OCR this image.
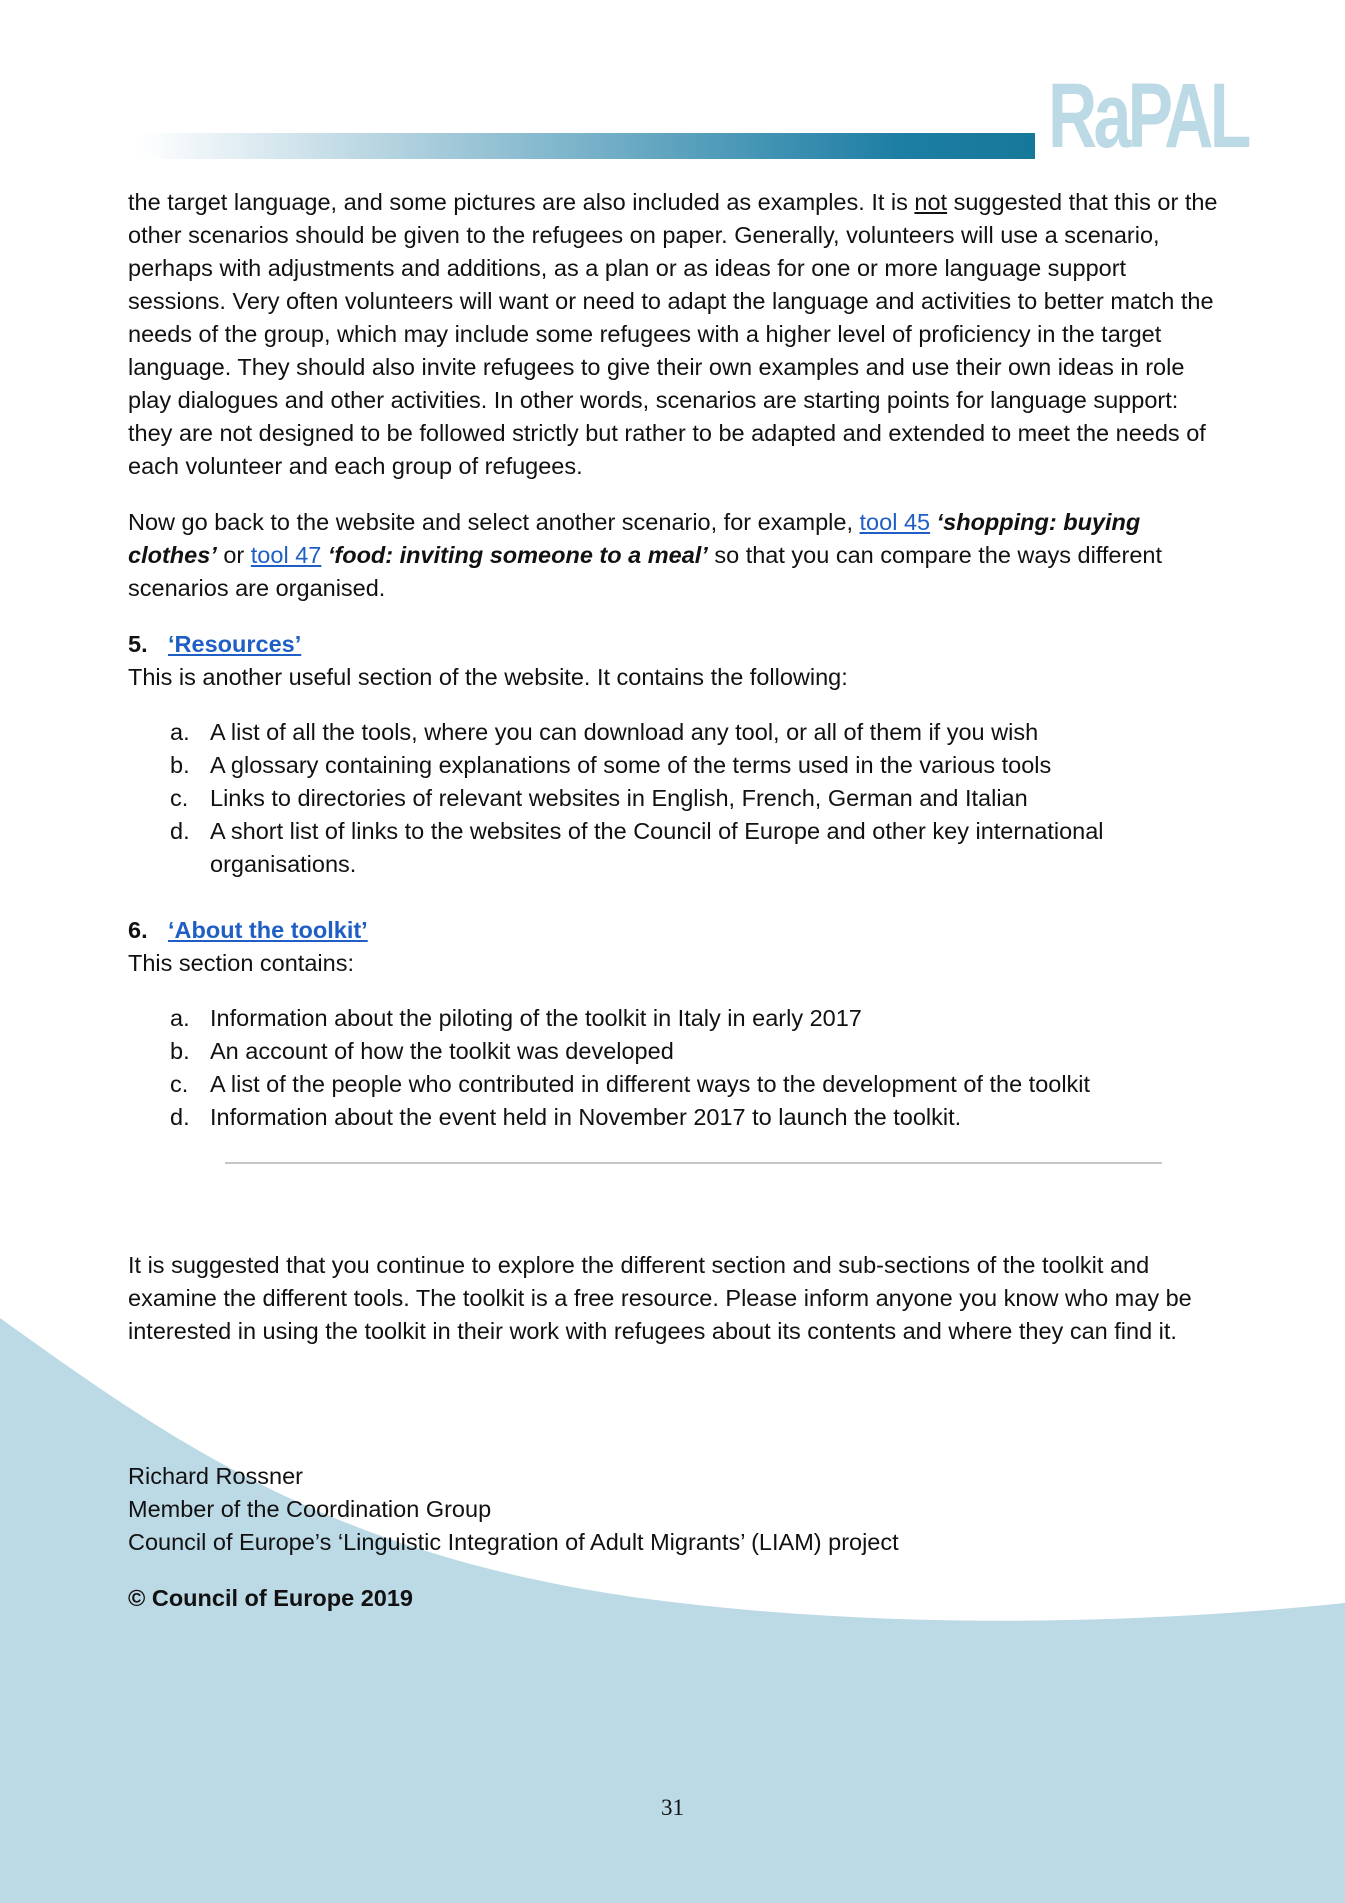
RaPAL

the target language, and some pictures are also included as examples. It is not suggested that this or the other scenarios should be given to the refugees on paper. Generally, volunteers will use a scenario, perhaps with adjustments and additions, as a plan or as ideas for one or more language support sessions. Very often volunteers will want or need to adapt the language and activities to better match the needs of the group, which may include some refugees with a higher level of proficiency in the target language. They should also invite refugees to give their own examples and use their own ideas in role play dialogues and other activities. In other words, scenarios are starting points for language support: they are not designed to be followed strictly but rather to be adapted and extended to meet the needs of each volunteer and each group of refugees.

Now go back to the website and select another scenario, for example, tool 45 ‘shopping: buying clothes’ or tool 47 ‘food: inviting someone to a meal’ so that you can compare the ways different scenarios are organised.

5. ‘Resources’

This is another useful section of the website. It contains the following:

a. A list of all the tools, where you can download any tool, or all of them if you wish
b. A glossary containing explanations of some of the terms used in the various tools
c. Links to directories of relevant websites in English, French, German and Italian
d. A short list of links to the websites of the Council of Europe and other key international organisations.

6. ‘About the toolkit’

This section contains:

a. Information about the piloting of the toolkit in Italy in early 2017
b. An account of how the toolkit was developed
c. A list of the people who contributed in different ways to the development of the toolkit
d. Information about the event held in November 2017 to launch the toolkit.

It is suggested that you continue to explore the different section and sub-sections of the toolkit and examine the different tools. The toolkit is a free resource. Please inform anyone you know who may be interested in using the toolkit in their work with refugees about its contents and where they can find it.

Richard Rossner

Member of the Coordination Group

Council of Europe’s ‘Linguistic Integration of Adult Migrants’ (LIAM) project

© Council of Europe 2019

31
